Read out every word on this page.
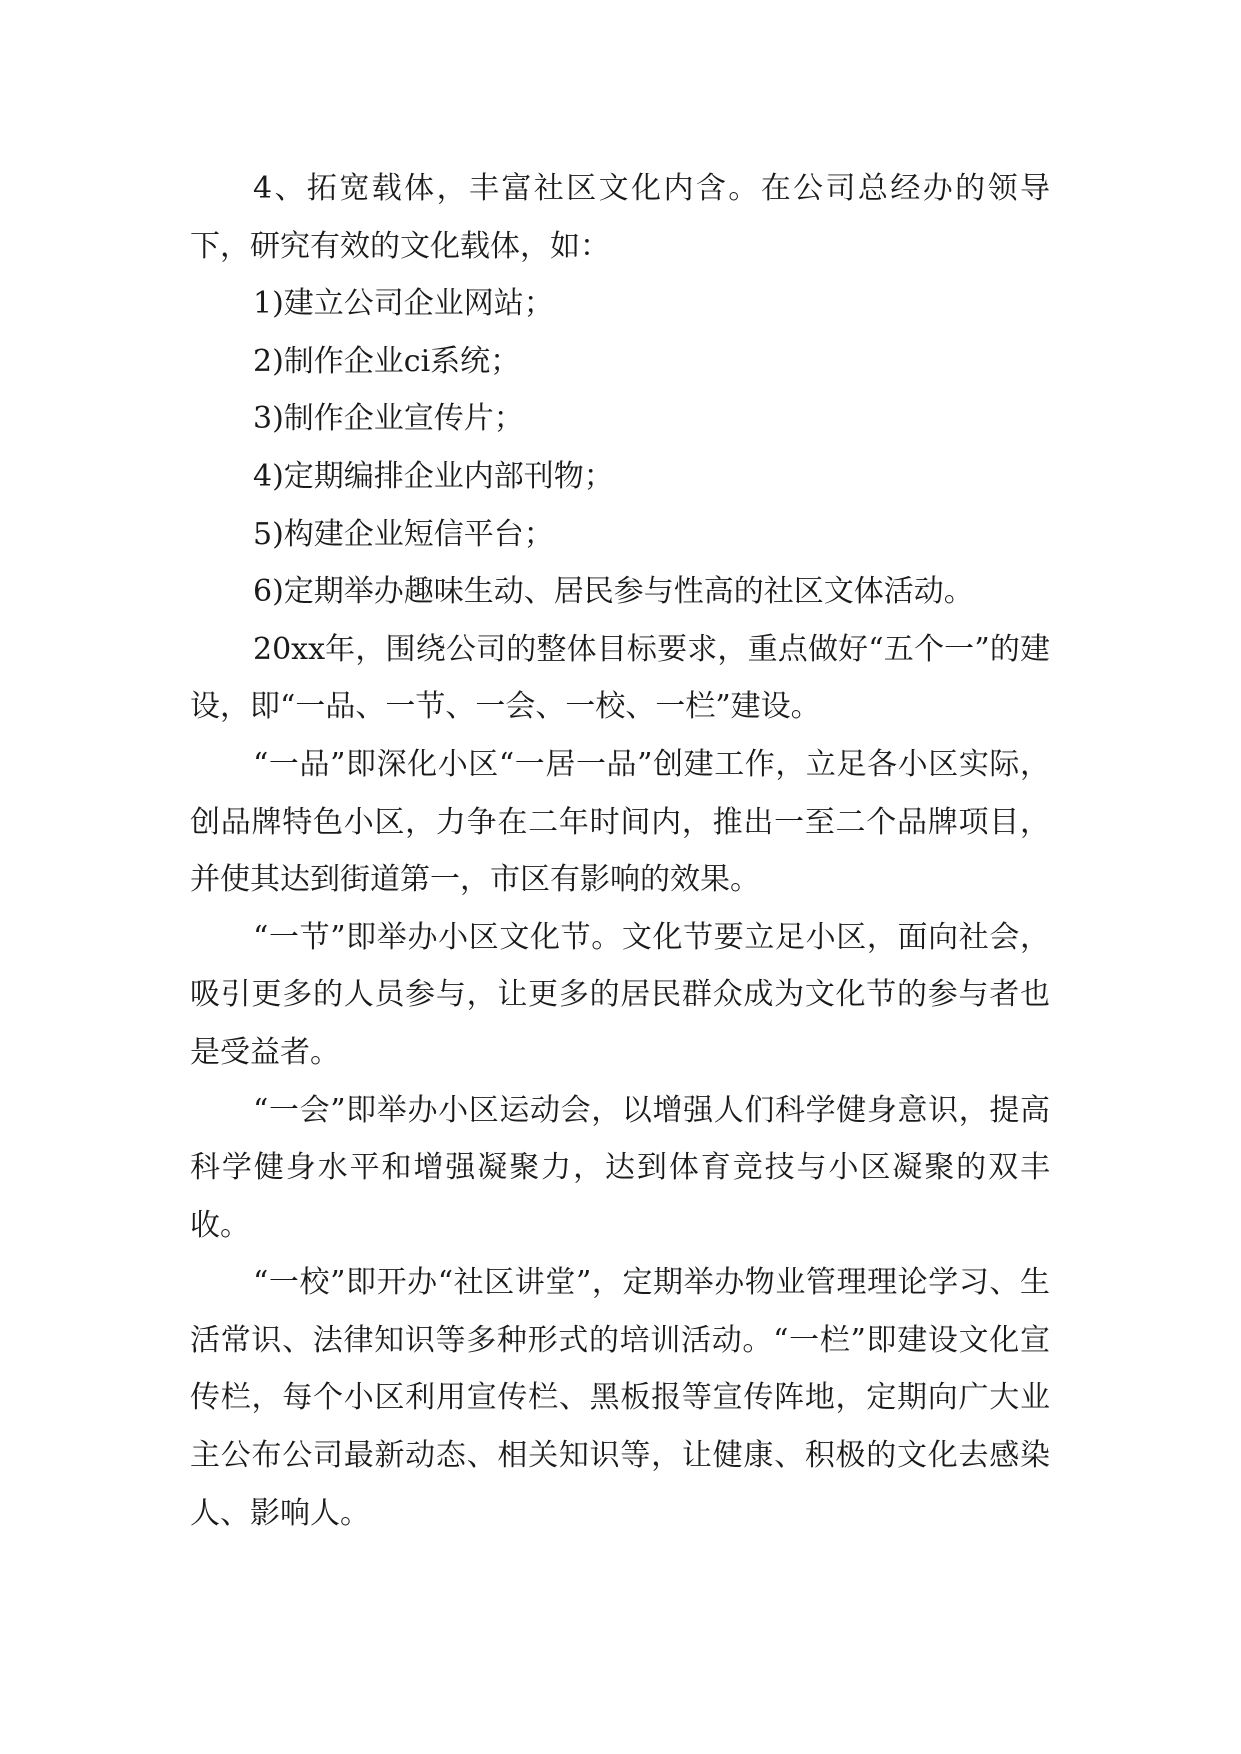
4、拓宽载体，丰富社区文化内含。在公司总经办的领导下，研究有效的文化载体，如：

1)建立公司企业网站；

2)制作企业ci系统；

3)制作企业宣传片；

4)定期编排企业内部刊物；

5)构建企业短信平台；

6)定期举办趣味生动、居民参与性高的社区文体活动。

20xx年，围绕公司的整体目标要求，重点做好“五个一”的建设，即“一品、一节、一会、一校、一栏”建设。

“一品”即深化小区“一居一品”创建工作，立足各小区实际，创品牌特色小区，力争在二年时间内，推出一至二个品牌项目，并使其达到街道第一，市区有影响的效果。

“一节”即举办小区文化节。文化节要立足小区，面向社会，吸引更多的人员参与，让更多的居民群众成为文化节的参与者也是受益者。

“一会”即举办小区运动会，以增强人们科学健身意识，提高科学健身水平和增强凝聚力，达到体育竞技与小区凝聚的双丰收。

“一校”即开办“社区讲堂”，定期举办物业管理理论学习、生活常识、法律知识等多种形式的培训活动。“一栏”即建设文化宣传栏，每个小区利用宣传栏、黑板报等宣传阵地，定期向广大业主公布公司最新动态、相关知识等，让健康、积极的文化去感染人、影响人。
